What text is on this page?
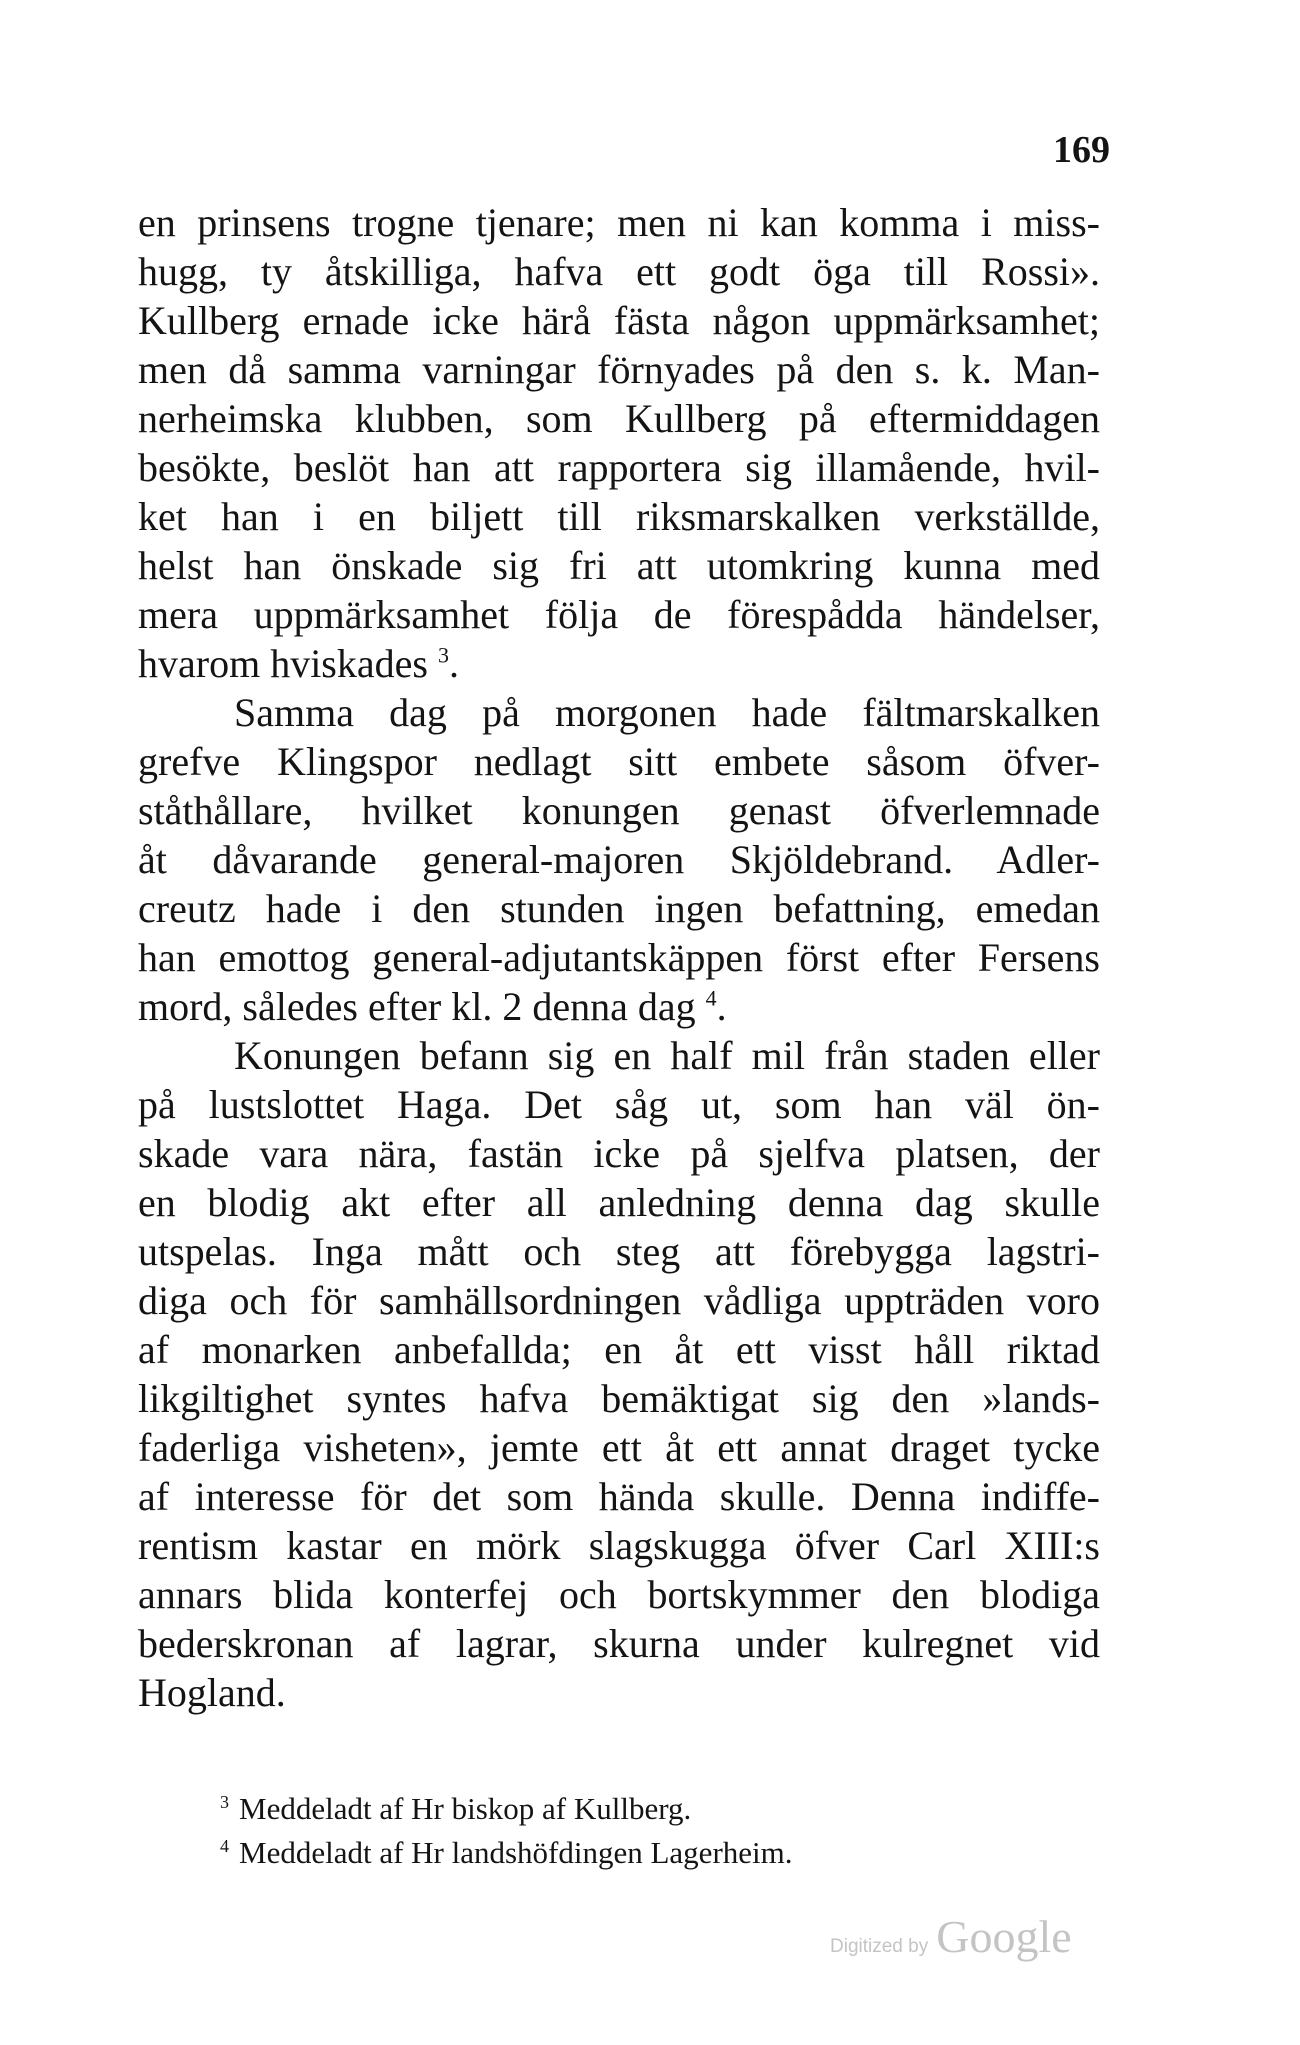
169
en prinsens trogne tjenare; men ni kan komma i miss-
hugg, ty åtskilliga, hafva ett godt öga till Rossi».
Kullberg ernade icke härå fästa någon uppmärksamhet;
men då samma varningar förnyades på den s. k. Man-
nerheimska klubben, som Kullberg på eftermiddagen
besökte, beslöt han att rapportera sig illamående, hvil-
ket han i en biljett till riksmarskalken verkställde,
helst han önskade sig fri att utomkring kunna med
mera uppmärksamhet följa de förespådda händelser,
hvarom hviskades $^3$.
Samma dag på morgonen hade fältmarskalken
grefve Klingspor nedlagt sitt embete såsom öfver-
ståthållare, hvilket konungen genast öfverlemnade
åt dåvarande general-majoren Skjöldebrand. Adler-
creutz hade i den stunden ingen befattning, emedan
han emottog general-adjutantskäppen först efter Fersens
mord, således efter kl. 2 denna dag $^4$.
Konungen befann sig en half mil från staden eller
på lustslottet Haga. Det såg ut, som han väl ön-
skade vara nära, fastän icke på sjelfva platsen, der
en blodig akt efter all anledning denna dag skulle
utspelas. Inga mått och steg att förebygga lagstri-
diga och för samhällsordningen vådliga uppträden voro
af monarken anbefallda; en åt ett visst håll riktad
likgiltighet syntes hafva bemäktigat sig den »lands-
faderliga visheten», jemte ett åt ett annat draget tycke
af interesse för det som hända skulle. Denna indiffe-
rentism kastar en mörk slagskugga öfver Carl XIII:s
annars blida konterfej och bortskymmer den blodiga
bederskronan af lagrar, skurna under kulregnet vid
Hogland.
$^3$ Meddeladt af Hr biskop af Kullberg.
$^4$ Meddeladt af Hr landshöfdingen Lagerheim.
Digitized by Google
